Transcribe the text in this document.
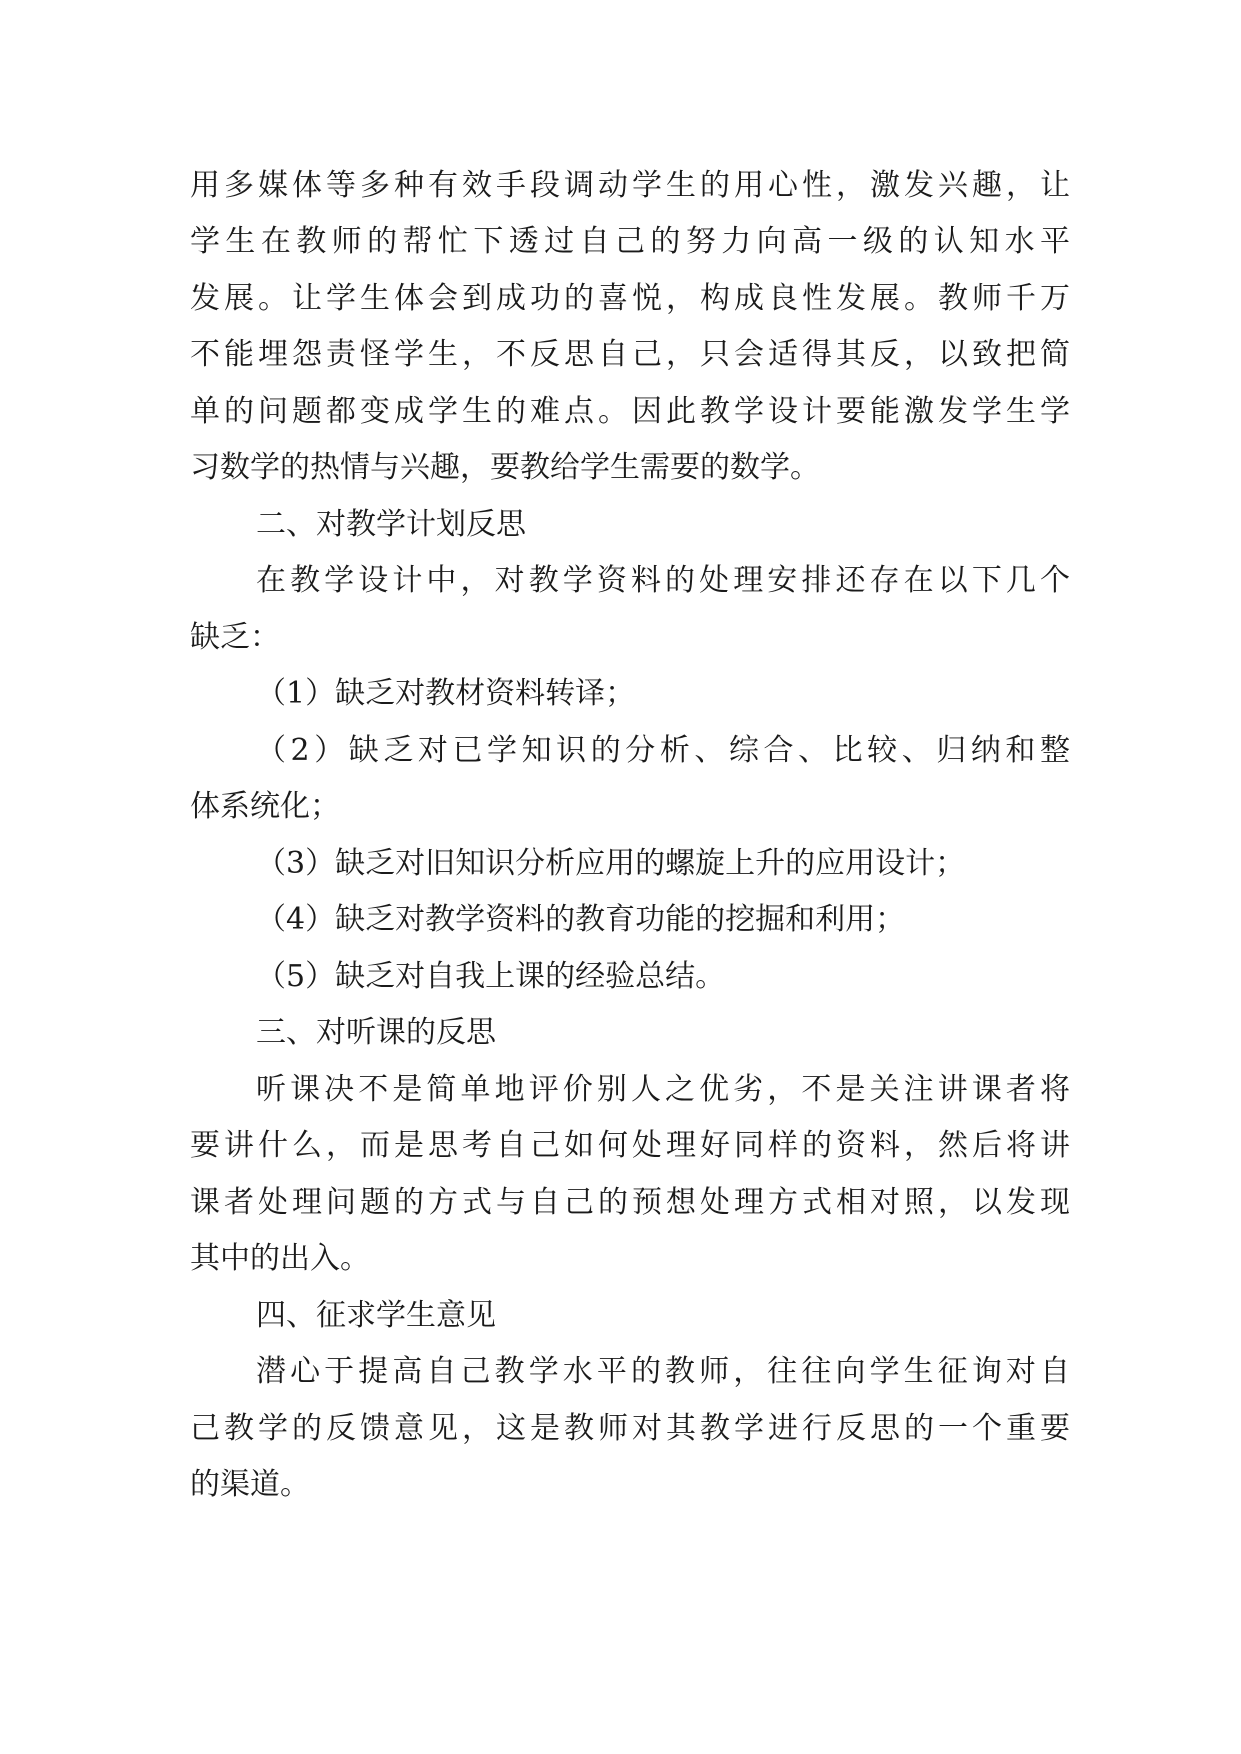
用多媒体等多种有效手段调动学生的用心性，激发兴趣，让
学生在教师的帮忙下透过自己的努力向高一级的认知水平
发展。让学生体会到成功的喜悦，构成良性发展。教师千万
不能埋怨责怪学生，不反思自己，只会适得其反，以致把简
单的问题都变成学生的难点。因此教学设计要能激发学生学
习数学的热情与兴趣，要教给学生需要的数学。
二、对教学计划反思
在教学设计中，对教学资料的处理安排还存在以下几个
缺乏：
（1）缺乏对教材资料转译；
（2）缺乏对已学知识的分析、综合、比较、归纳和整
体系统化；
（3）缺乏对旧知识分析应用的螺旋上升的应用设计；
（4）缺乏对教学资料的教育功能的挖掘和利用；
（5）缺乏对自我上课的经验总结。
三、对听课的反思
听课决不是简单地评价别人之优劣，不是关注讲课者将
要讲什么，而是思考自己如何处理好同样的资料，然后将讲
课者处理问题的方式与自己的预想处理方式相对照，以发现
其中的出入。
四、征求学生意见
潜心于提高自己教学水平的教师，往往向学生征询对自
己教学的反馈意见，这是教师对其教学进行反思的一个重要
的渠道。
